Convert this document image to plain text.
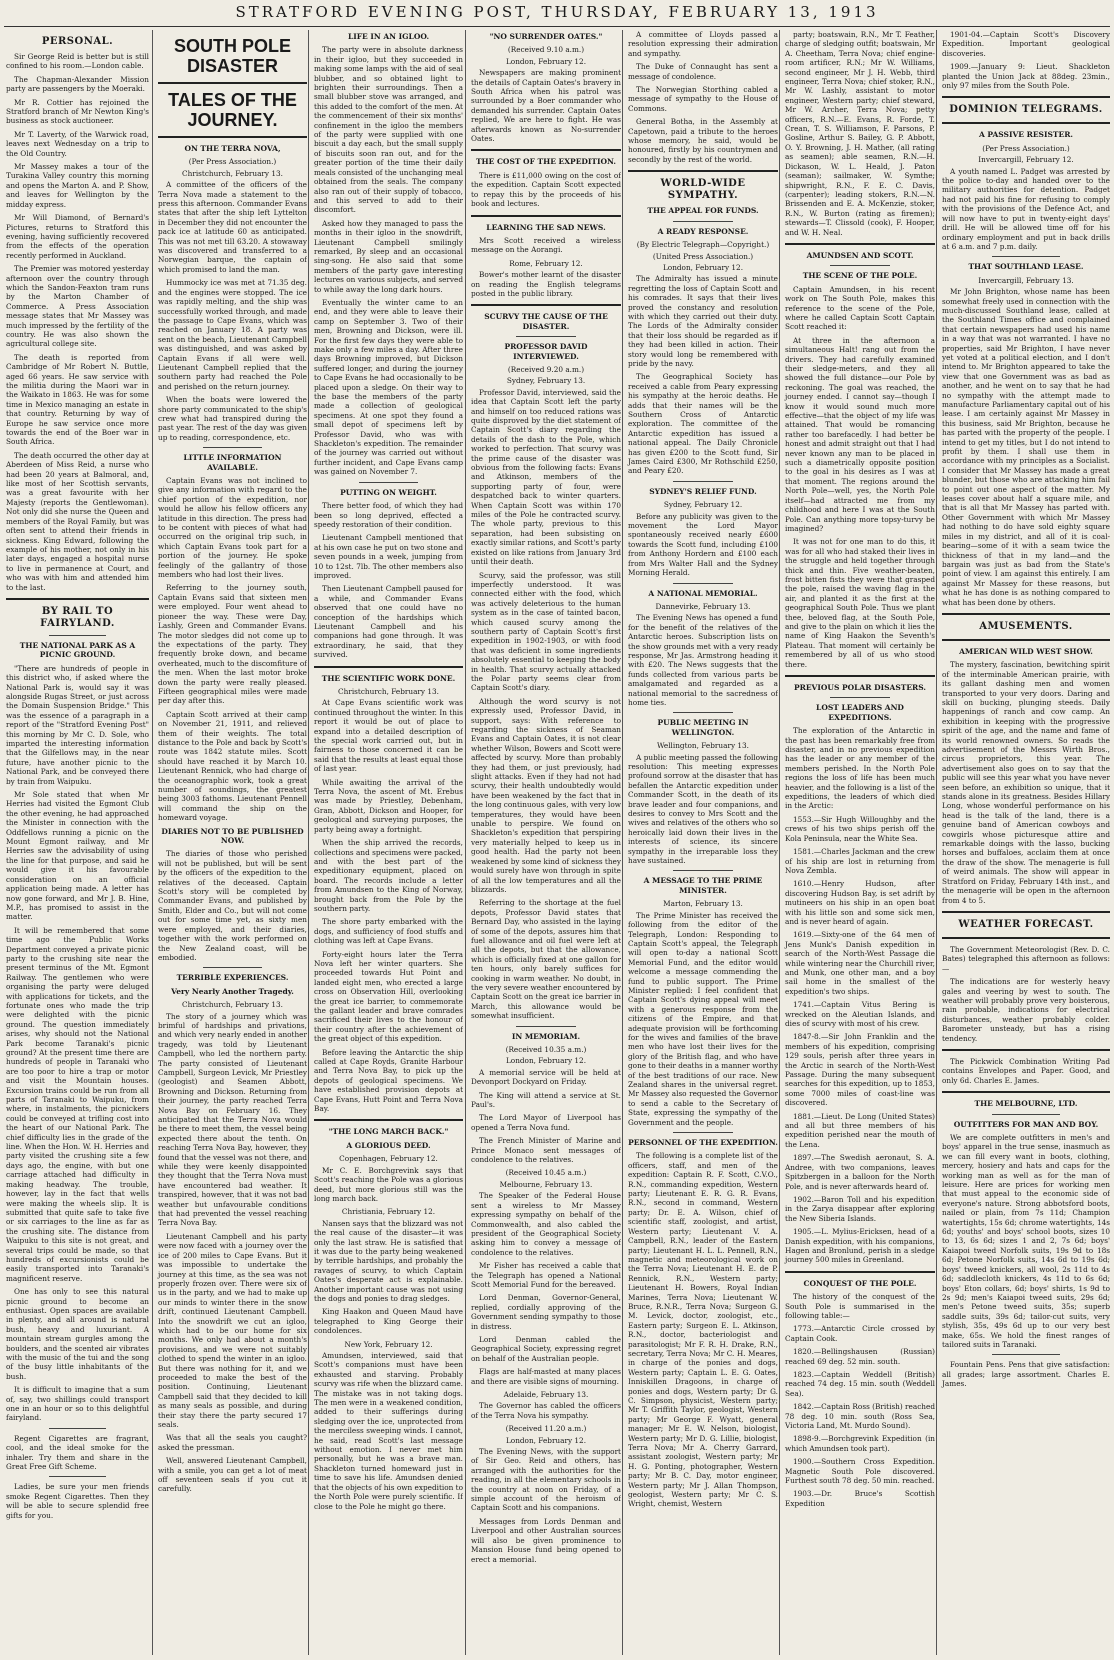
STRATFORD EVENING POST, THURSDAY, FEBRUARY 13, 1913
PERSONAL.
Sir George Reid is better but is still confined to his room.—London cable.
The Chapman-Alexander Mission party are passengers by the Moeraki.
Mr R. Cottier has rejoined the Stratford branch of Mr Newton King's business as stock auctioneer.
Mr T. Laverty, of the Warwick road, leaves next Wednesday on a trip to the Old Country.
Mr Massey makes a tour of the Turakina Valley country this morning and opens the Marton A. and P. Show, and leaves for Wellington by the midday express.
Mr Will Diamond, of Bernard's Pictures, returns to Stratford this evening, having sufficiently recovered from the effects of the operation recently performed in Auckland.
The Premier was motored yesterday afternoon over the country through which the Sandon-Feaxton tram runs by the Marton Chamber of Commerce. A Press Association message states that Mr Massey was much impressed by the fertility of the country. He was also shown the agricultural college site.
The death is reported from Cambridge of Mr Robert N. Buttle, aged 66 years. He saw service with the militia during the Maori war in the Waikato in 1863. He was for some time in Mexico managing an estate in that country. Returning by way of Europe he saw service once more towards the end of the Boer war in South Africa.
The death occurred the other day at Aberdeen of Miss Reid, a nurse who had been 20 years at Balmoral, and, like most of her Scottish servants, was a great favourite with her Majesty (reports the Gentlewoman). Not only did she nurse the Queen and members of the Royal Family, but was often sent to attend their friends in sickness. King Edward, following the example of his mother, not only in his later days, engaged a hospital nurse to live in permanence at Court, and who was with him and attended him to the last.
BY RAIL TO FAIRYLAND.
THE NATIONAL PARK AS A PICNIC GROUND.
"There are hundreds of people in this district who, if asked where the National Park is, would say it was alongside Rugas Street, or just across the Domain Suspension Bridge." This was the essence of a paragraph in a report of the "Stratford Evening Post" this morning by Mr C. D. Sole, who imparted the interesting information that the Gilfellows may, in the near future, have another picnic to the National Park, and be conveyed there by train from Waipuku.
Mr Sole stated that when Mr Herries had visited the Egmont Club the other evening, he had approached the Minister in connection with the Oddfellows running a picnic on the Mount Egmont railway, and Mr Herries saw the advisability of using the line for that purpose, and said he would give it his favourable consideration on an official application being made. A letter has now gone forward, and Mr J. B. Hine, M.P., has promised to assist in the matter.
It will be remembered that some time ago the Public Works Department conveyed a private picnic party to the crushing site near the present terminus of the Mt. Egmont Railway. The gentlemen who were organising the party were deluged with applications for tickets, and the fortunate ones who made the trip were delighted with the picnic ground. The question immediately arises, why should not the National Park become Taranaki's picnic ground? At the present time there are hundreds of people in Taranaki who are too poor to hire a trap or motor and visit the Mountain houses. Excursion trains could be run from all parts of Taranaki to Waipuku, from where, in instalments, the picnickers could be conveyed at trifling cost into the heart of our National Park. The chief difficulty lies in the grade of the line. When the Hon. W. H. Herries and party visited the crushing site a few days ago, the engine, with but one carriage attached had difficulty in making headway. The trouble, however, lay in the fact that wells were making the wheels slip. It is submitted that quite safe to take five or six carriages to the line as far as the crushing site. The distance from Waipuku to this site is not great, and several trips could be made, so that hundreds of excursionists could be easily transported into Taranaki's magnificent reserve.
One has only to see this natural picnic ground to become an enthusiast. Open spaces are available in plenty, and all around is natural bush, heavy and luxuriant. A mountain stream gurgles among the boulders, and the scented air vibrates with the music of the tui and the song of the busy little inhabitants of the bush.
It is difficult to imagine that a sum of, say, two shillings could transport one in an hour or so to this delightful fairyland.
Regent Cigarettes are fragrant, cool, and the ideal smoke for the inhaler. Try them and share in the Great Free Gift Scheme.
Ladies, be sure your men friends smoke Regent Cigarettes. Then they will be able to secure splendid free gifts for you.
SOUTH POLE DISASTER
TALES OF THE JOURNEY.
ON THE TERRA NOVA,
(Per Press Association.)
Christchurch, February 13.
A committee of the officers of the Terra Nova made a statement to the press this afternoon. Commander Evans states that after the ship left Lyttelton in December they did not encounter the pack ice at latitude 60 as anticipated. This was not met till 63.20. A stowaway was discovered and transferred to a Norwegian barque, the captain of which promised to land the man.
Hummocky ice was met at 71.35 deg. and the engines were stopped. The ice was rapidly melting, and the ship was successfully worked through, and made the passage to Cape Evans, which was reached on January 18. A party was sent on the beach, Lieutenant Campbell was distinguished, and was asked by Captain Evans if all were well. Lieutenant Campbell replied that the southern party had reached the Pole and perished on the return journey.
When the boats were lowered the shore party communicated to the ship's crew what had transpired during the past year. The rest of the day was given up to reading, correspondence, etc.
LITTLE INFORMATION AVAILABLE.
Captain Evans was not inclined to give any information with regard to the chief portion of the expedition, nor would he allow his fellow officers any latitude in this direction. The press had to be content with pieces of what had occurred on the original trip such, in which Captain Evans took part for a portion of the journey. He spoke feelingly of the gallantry of those members who had lost their lives.
Referring to the journey south, Captain Evans said that sixteen men were employed. Four went ahead to pioneer the way. These were Day, Lashly, Green and Commander Evans. The motor sledges did not come up to the expectations of the party. They frequently broke down, and became overheated, much to the discomfiture of the men. When the last motor broke down the party were really pleased. Fifteen geographical miles were made per day after this.
Captain Scott arrived at their camp on November 21, 1911, and relieved them of their weights. The total distance to the Pole and back by Scott's route was 1842 statute miles. Scott should have reached it by March 10. Lieutenant Rennick, who had charge of the oceanographic work, took a great number of soundings, the greatest being 3003 fathoms. Lieutenant Pennell will command the ship on the homeward voyage.
DIARIES NOT TO BE PUBLISHED NOW.
The diaries of those who perished will not be published, but will be sent by the officers of the expedition to the relatives of the deceased. Captain Scott's story will be completed by Commander Evans, and published by Smith, Elder and Co., but will not come out for some time yet, as sixty men were employed, and their diaries, together with the work performed on the New Zealand coast, will be embodied.
TERRIBLE EXPERIENCES.
Very Nearly Another Tragedy.
Christchurch, February 13.
The story of a journey which was brimful of hardships and privations, and which very nearly ended in another tragedy, was told by Lieutenant Campbell, who led the northern party. The party consisted of Lieutenant Campbell, Surgeon Levick, Mr Priestley (geologist) and Seamen Abbott, Browning and Dickson. Returning from their journey, the party reached Terra Nova Bay on February 16. They anticipated that the Terra Nova would be there to meet them, the vessel being expected there about the tenth. On reaching Terra Nova Bay, however, they found that the vessel was not there, and while they were keenly disappointed they thought that the Terra Nova must have encountered bad weather. It transpired, however, that it was not bad weather but unfavourable conditions that had prevented the vessel reaching Terra Nova Bay.
Lieutenant Campbell and his party were now faced with a journey over the ice of 200 miles to Cape Evans. But it was impossible to undertake the journey at this time, as the sea was not properly frozen over. There were six of us in the party, and we had to make up our minds to winter there in the snow drift, continued Lieutenant Campbell. Into the snowdrift we cut an igloo, which had to be our home for six months. We only had about a month's provisions, and we were not suitably clothed to spend the winter in an igloo. But there was nothing for it, and we proceeded to make the best of the position. Continuing, Lieutenant Campbell said that they decided to kill as many seals as possible, and during their stay there the party secured 17 seals.
Was that all the seals you caught? asked the pressman.
Well, answered Lieutenant Campbell, with a smile, you can get a lot of meat off seventeen seals if you cut it carefully.
LIFE IN AN IGLOO.
The party were in absolute darkness in their igloo, but they succeeded in making some lamps with the aid of seal blubber, and so obtained light to brighten their surroundings. Then a small blubber stove was arranged, and this added to the comfort of the men. At the commencement of their six months' confinement in the igloo the members of the party were supplied with one biscuit a day each, but the small supply of biscuits soon ran out, and for the greater portion of the time their daily meals consisted of the unchanging meal obtained from the seals. The company also ran out of their supply of tobacco, and this served to add to their discomfort.
Asked how they managed to pass the months in their igloo in the snowdrift, Lieutenant Campbell smilingly remarked, By sleep and an occasional sing-song. He also said that some members of the party gave interesting lectures on various subjects, and served to while away the long dark hours.
Eventually the winter came to an end, and they were able to leave their camp on September 3. Two of their men, Browning and Dickson, were ill. For the first few days they were able to make only a few miles a day. After three days Browning improved, but Dickson suffered longer, and during the journey to Cape Evans he had occasionally to be placed upon a sledge. On their way to the base the members of the party made a collection of geological specimens. At one spot they found a small depot of specimens left by Professor David, who was with Shackleton's expedition. The remainder of the journey was carried out without further incident, and Cape Evans camp was gained on November 7.
PUTTING ON WEIGHT.
There better food, of which they had been so long deprived, effected a speedy restoration of their condition.
Lieutenant Campbell mentioned that at his own case he put on two stone and seven pounds in a week, jumping from 10 to 12st. 7lb. The other members also improved.
Then Lieutenant Campbell paused for a while, and Commander Evans observed that one could have no conception of the hardships which Lieutenant Campbell and his companions had gone through. It was extraordinary, he said, that they survived.
THE SCIENTIFIC WORK DONE.
Christchurch, February 13.
At Cape Evans scientific work was continued throughout the winter. In this report it would be out of place to expand into a detailed description of the special work carried out, but in fairness to those concerned it can be said that the results at least equal those of last year.
While awaiting the arrival of the Terra Nova, the ascent of Mt. Erebus was made by Priestley, Debenham, Gran, Abbott, Dickson and Hooper, for geological and surveying purposes, the party being away a fortnight.
When the ship arrived the records, collections and specimens were packed, and with the best part of the expeditionary equipment, placed on board. The records include a letter from Amundsen to the King of Norway, brought back from the Pole by the southern party.
The shore party embarked with the dogs, and sufficiency of food stuffs and clothing was left at Cape Evans.
Forty-eight hours later the Terra Nova left her winter quarters. She proceeded towards Hut Point and landed eight men, who erected a large cross on Observation Hill, overlooking the great ice barrier, to commemorate the gallant leader and brave comrades sacrificed their lives to the honour of their country after the achievement of the great object of this expedition.
Before leaving the Antarctic the ship called at Cape Royds, Granite Harbour and Terra Nova Bay, to pick up the depots of geological specimens. We have established provision depots at Cape Evans, Hutt Point and Terra Nova Bay.
"THE LONG MARCH BACK."
A GLORIOUS DEED.
Copenhagen, February 12.
Mr C. E. Borchgrevink says that Scott's reaching the Pole was a glorious deed, but more glorious still was the long march back.
Christiania, February 12.
Nansen says that the blizzard was not the real cause of the disaster—it was only the last straw. He is satisfied that it was due to the party being weakened by terrible hardships, and probably the ravages of scurvy, to which Captain Oates's desperate act is explainable. Another important cause was not using the dogs and ponies to drag sledges.
King Haakon and Queen Maud have telegraphed to King George their condolences.
New York, February 12.
Amundsen, interviewed, said that Scott's companions must have been exhausted and starving. Probably scurvy was rife when the blizzard came. The mistake was in not taking dogs. The men were in a weakened condition, added to their sufferings during sledging over the ice, unprotected from the merciless sweeping winds. I cannot, he said, read Scott's last message without emotion. I never met him personally, but he was a brave man. Shackleton turned homeward just in time to save his life. Amundsen denied that the objects of his own expedition to the North Pole were purely scientific. If close to the Pole he might go there.
"NO SURRENDER OATES."
(Received 9.10 a.m.)
London, February 12.
Newspapers are making prominent the details of Captain Oates's bravery in South Africa when his patrol was surrounded by a Boer commander who demanded his surrender. Captain Oates replied, We are here to fight. He was afterwards known as No-surrender Oates.
THE COST OF THE EXPEDITION.
There is £11,000 owing on the cost of the expedition. Captain Scott expected to repay this by the proceeds of his book and lectures.
LEARNING THE SAD NEWS.
Mrs Scott received a wireless message on the Aorangi.
Rome, February 12.
Bower's mother learnt of the disaster on reading the English telegrams posted in the public library.
SCURVY THE CAUSE OF THE DISASTER.
PROFESSOR DAVID INTERVIEWED.
(Received 9.20 a.m.)
Sydney, February 13.
Professor David, interviewed, said the idea that Captain Scott left the party and himself on too reduced rations was quite disproved by the diet statement of Captain Scott's diary regarding the details of the dash to the Pole, which worked to perfection. That scurvy was the prime cause of the disaster was obvious from the following facts: Evans and Atkinson, members of the supporting party of four, were despatched back to winter quarters. When Captain Scott was within 170 miles of the Pole he contracted scurvy. The whole party, previous to this separation, had been subsisting on exactly similar rations, and Scott's party existed on like rations from January 3rd until their death.
Scurvy, said the professor, was still imperfectly understood. It was connected either with the food, which was actively deleterious to the human system as in the case of tainted bacon, which caused scurvy among the southern party of Captain Scott's first expedition in 1902-1903, or with food that was deficient in some ingredients absolutely essential to keeping the body in health. That scurvy actually attacked the Polar party seems clear from Captain Scott's diary.
Although the word scurvy is not expressly used, Professor David, in support, says: With reference to regarding the sickness of Seaman Evans and Captain Oates, it is not clear whether Wilson, Bowers and Scott were affected by scurvy. More than probably they had them, or just previously, had slight attacks. Even if they had not had scurvy, their health undoubtedly would have been weakened by the fact that in the long continuous gales, with very low temperatures, they would have been unable to perspire. We found on Shackleton's expedition that perspiring very materially helped to keep us in good health. Had the party not been weakened by some kind of sickness they would surely have won through in spite of all the low temperatures and all the blizzards.
Referring to the shortage at the fuel depots, Professor David states that Bernard Day, who assisted in the laying of some of the depots, assures him that fuel allowance and oil fuel were left at all the depots, but that the allowance, which is officially fixed at one gallon for ten hours, only barely suffices for cooking in warm weather. No doubt, in the very severe weather encountered by Captain Scott on the great ice barrier in March, this allowance would be somewhat insufficient.
IN MEMORIAM.
(Received 10.35 a.m.)
London, February 12.
A memorial service will be held at Devonport Dockyard on Friday.
The King will attend a service at St. Paul's.
The Lord Mayor of Liverpool has opened a Terra Nova fund.
The French Minister of Marine and Prince Monaco sent messages of condolence to the relatives.
(Received 10.45 a.m.)
Melbourne, February 13.
The Speaker of the Federal House sent a wireless to Mr Massey expressing sympathy on behalf of the Commonwealth, and also cabled the president of the Geographical Society asking him to convey a message of condolence to the relatives.
Mr Fisher has received a cable that the Telegraph has opened a National Scott Memorial Fund for the bereaved.
Lord Denman, Governor-General, replied, cordially approving of the Government sending sympathy to those in distress.
Lord Denman cabled the Geographical Society, expressing regret on behalf of the Australian people.
Flags are half-masted at many places and there are visible signs of mourning.
Adelaide, February 13.
The Governor has cabled the officers of the Terra Nova his sympathy.
(Received 11.20 a.m.)
London, February 12.
The Evening News, with the support of Sir Geo. Reid and others, has arranged with the authorities for the reading, in all the elementary schools in the country at noon on Friday, of a simple account of the heroism of Captain Scott and his companions.
Messages from Lords Denman and Liverpool and other Australian sources will also be given prominence to Mansion House fund being opened to erect a memorial.
A committee of Lloyds passed a resolution expressing their admiration and sympathy.
The Duke of Connaught has sent a message of condolence.
The Norwegian Storthing cabled a message of sympathy to the House of Commons.
General Botha, in the Assembly at Capetown, paid a tribute to the heroes whose memory, he said, would be honoured, firstly by his countrymen and secondly by the rest of the world.
WORLD-WIDE SYMPATHY.
THE APPEAL FOR FUNDS.
A READY RESPONSE.
(By Electric Telegraph—Copyright.)
(United Press Association.)
London, February 12.
The Admiralty has issued a minute regretting the loss of Captain Scott and his comrades. It says that their lives proved the constancy and resolution with which they carried out their duty. The Lords of the Admiralty consider that their loss should be regarded as if they had been killed in action. Their story would long be remembered with pride by the navy.
The Geographical Society has received a cable from Peary expressing his sympathy at the heroic deaths. He adds that their names will be the Southern Cross of Antarctic exploration. The committee of the Antarctic expedition has issued a national appeal. The Daily Chronicle has given £200 to the Scott fund, Sir James Caird £300, Mr Rothschild £250, and Peary £20.
SYDNEY'S RELIEF FUND.
Sydney, February 12.
Before any publicity was given to the movement the Lord Mayor spontaneously received nearly £600 towards the Scott fund, including £100 from Anthony Hordern and £100 each from Mrs Walter Hall and the Sydney Morning Herald.
A NATIONAL MEMORIAL.
Dannevirke, February 13.
The Evening News has opened a fund for the benefit of the relatives of the Antarctic heroes. Subscription lists on the show grounds met with a very ready response, Mr Jas. Armstrong heading it with £20. The News suggests that the funds collected from various parts be amalgamated and regarded as a national memorial to the sacredness of home ties.
PUBLIC MEETING IN WELLINGTON.
Wellington, February 13.
A public meeting passed the following resolution: This meeting expresses profound sorrow at the disaster that has befallen the Antarctic expedition under Commander Scott, in the death of its brave leader and four companions, and desires to convey to Mrs Scott and the wives and relatives of the others who so heroically laid down their lives in the interests of science, its sincere sympathy in the irreparable loss they have sustained.
A MESSAGE TO THE PRIME MINISTER.
Marton, February 13.
The Prime Minister has received the following from the editor of the Telegraph, London: Responding to Captain Scott's appeal, the Telegraph will open to-day a national Scott Memorial Fund, and the editor would welcome a message commending the fund to public support. The Prime Minister replied: I feel confident that Captain Scott's dying appeal will meet with a generous response from the citizens of the Empire, and that adequate provision will be forthcoming for the wives and families of the brave men who have lost their lives for the glory of the British flag, and who have gone to their deaths in a manner worthy of the best traditions of our race. New Zealand shares in the universal regret. Mr Massey also requested the Governor to send a cable to the Secretary of State, expressing the sympathy of the Government and the people.
PERSONNEL OF THE EXPEDITION.
The following is a complete list of the officers, staff, and men of the expedition: Captain R. F. Scott, C.V.O., R.N., commanding expedition, Western party; Lieutenant E. R. G. R. Evans, R.N., second in command, Western party; Dr. E. A. Wilson, chief of scientific staff, zoologist, and artist, Western party; Lieutenant V. A. Campbell, R.N., leader of the Eastern party; Lieutenant H. L. L. Pennell, R.N., magnetic and meteorological work on the Terra Nova; Lieutenant H. E. de P. Rennick, R.N., Western party; Lieutenant H. Bowers, Royal Indian Marines, Terra Nova; Lieutenant W. Bruce, R.N.R., Terra Nova; Surgeon G. M. Levick, doctor, zoologist, etc., Eastern party; Surgeon E. L. Atkinson, R.N., doctor, bacteriologist and parasitologist; Mr F. R. H. Drake, R.N., secretary, Terra Nova; Mr C. H. Meares, in charge of the ponies and dogs, Western party; Captain L. E. G. Oates, Inniskillen Dragoons, in charge of ponies and dogs, Western party; Dr G. C. Simpson, physicist, Western party; Mr T. Griffith Taylor, geologist, Western party; Mr George F. Wyatt, general manager; Mr E. W. Nelson, biologist, Western party; Mr D. G. Lillie, biologist, Terra Nova; Mr A. Cherry Garrard, assistant zoologist, Western party; Mr H. G. Ponting, photographer, Western party; Mr B. C. Day, motor engineer, Western party; Mr J. Allan Thompson, geologist, Western party; Mr C. S. Wright, chemist, Western
party; boatswain, R.N., Mr T. Feather, charge of sledging outfit; boatswain, Mr A. Cheetham, Terra Nova; chief engine-room artificer, R.N.; Mr W. Williams, second engineer, Mr J. H. Webb, third engineer, Terra Nova; chief stoker, R.N., Mr W. Lashly, assistant to motor engineer, Western party; chief steward, Mr W. Archer, Terra Nova; petty officers, R.N.—E. Evans, R. Forde, T. Crean, T. S. Williamson, F. Parsons, P. Gosline, Arthur S. Bailey, G. P. Abbott, O. Y. Browning, J. H. Mather, (all rating as seamen); able seamen, R.N.—H. Dickason, W. L. Heald, J. Paton (seaman); sailmaker, W. Symthe; shipwright, R.N., F. E. C. Davis, (carpenter); leading stokers, R.N.—N. Brissenden and E. A. McKenzie, stoker, R.N., W. Burton (rating as firemen); stewards—T. Clissold (cook), F. Hooper, and W. H. Neal.
AMUNDSEN AND SCOTT.
THE SCENE OF THE POLE.
Captain Amundsen, in his recent work on The South Pole, makes this reference to the scene of the Pole, where he called Captain Scott Captain Scott reached it:
At three in the afternoon a simultaneous Halt! rang out from the drivers. They had carefully examined their sledge-meters, and they all showed the full distance—our Pole by reckoning. The goal was reached, the journey ended. I cannot say—though I know it would sound much more effective—that the object of my life was attained. That would be romancing rather too barefacedly. I had better be honest and admit straight out that I had never known any man to be placed in such a diametrically opposite position to the goal in his desires as I was at that moment. The regions around the North Pole—well, yes, the North Pole itself—had attracted me from my childhood and here I was at the South Pole. Can anything more topsy-turvy be imagined?
It was not for one man to do this, it was for all who had staked their lives in the struggle and held together through thick and thin. Five weather-beaten, frost bitten fists they were that grasped the pole, raised the waving flag in the air, and planted it as the first at the geographical South Pole. Thus we plant thee, beloved flag, at the South Pole, and give to the plain on which it lies the name of King Haakon the Seventh's Plateau. That moment will certainly be remembered by all of us who stood there.
PREVIOUS POLAR DISASTERS.
LOST LEADERS AND EXPEDITIONS.
The exploration of the Antarctic in the past has been remarkably free from disaster, and in no previous expedition has the leader or any member of the members perished. In the North Pole regions the loss of life has been much heavier, and the following is a list of the expeditions, the leaders of which died in the Arctic:
1553.—Sir Hugh Willoughby and the crews of his two ships perish off the Kola Peninsula, near the White Sea.
1581.—Charles Jackman and the crew of his ship are lost in returning from Nova Zembla.
1610.—Henry Hudson, after discovering Hudson Bay, is set adrift by mutineers on his ship in an open boat with his little son and some sick men, and is never heard of again.
1619.—Sixty-one of the 64 men of Jens Munk's Danish expedition in search of the North-West Passage die while wintering near the Churchill river, and Munk, one other man, and a boy sail home in the smallest of the expedition's two ships.
1741.—Captain Vitus Bering is wrecked on the Aleutian Islands, and dies of scurvy with most of his crew.
1847-8.—Sir John Franklin and the members of his expedition, comprising 129 souls, perish after three years in the Arctic in search of the North-West Passage. During the many subsequent searches for this expedition, up to 1853, some 7000 miles of coast-line was discovered.
1881.—Lieut. De Long (United States) and all but three members of his expedition perished near the mouth of the Lena.
1897.—The Swedish aeronaut, S. A. Andree, with two companions, leaves Spitzbergen in a balloon for the North Pole, and is never afterwards heard of.
1902.—Baron Toll and his expedition in the Zarya disappear after exploring the New Siberia Islands.
1905.—L. Mylius-Ericksen, head of a Danish expedition, with his companions, Hagen and Bronlund, perish in a sledge journey 500 miles in Greenland.
CONQUEST OF THE POLE.
The history of the conquest of the South Pole is summarised in the following table:—
1773.—Antarctic Circle crossed by Captain Cook.
1820.—Bellingshausen (Russian) reached 69 deg. 52 min. south.
1823.—Captain Weddell (British) reached 74 deg. 15 min. south (Weddell Sea).
1842.—Captain Ross (British) reached 78 deg. 10 min. south (Ross Sea, Victoria Land, Mt. Murdo Sound).
1898-9.—Borchgrevink Expedition (in which Amundsen took part).
1900.—Southern Cross Expedition. Magnetic South Pole discovered. Furthest south 78 deg. 50 min. reached.
1903.—Dr. Bruce's Scottish Expedition
1901-04.—Captain Scott's Discovery Expedition. Important geological discoveries.
1909.—January 9: Lieut. Shackleton planted the Union Jack at 88deg. 23min., only 97 miles from the South Pole.
DOMINION TELEGRAMS.
A PASSIVE RESISTER.
(Per Press Association.)
Invercargill, February 12.
A youth named L. Padget was arrested by the police to-day and handed over to the military authorities for detention. Padget had not paid his fine for refusing to comply with the provisions of the Defence Act, and will now have to put in twenty-eight days' drill. He will be allowed time off for his ordinary employment and put in back drills at 6 a.m. and 7 p.m. daily.
THAT SOUTHLAND LEASE.
Invercargill, February 13.
Mr John Brighton, whose name has been somewhat freely used in connection with the much-discussed Southland lease, called at the Southland Times office and complained that certain newspapers had used his name in a way that was not warranted. I have no properties, said Mr Brighton, I have never yet voted at a political election, and I don't intend to. Mr Brighton appeared to take the view that one Government was as bad as another, and he went on to say that he had no sympathy with the attempt made to manufacture Parliamentary capital out of his lease. I am certainly against Mr Massey in this business, said Mr Brighton, because he has parted with the property of the people. I intend to get my titles, but I do not intend to profit by them. I shall use them in accordance with my principles as a Socialist. I consider that Mr Massey has made a great blunder, but those who are attacking him fail to point out one aspect of the matter. My leases cover about half a square mile, and that is all that Mr Massey has parted with. Other Government with which Mr Massey had nothing to do have sold eighty square miles in my district, and all of it is coal-bearing—some of it with a seam twice the thickness of that in my land—and the bargain was just as bad from the State's point of view. I am against this entirely. I am against Mr Massey for these reasons, but what he has done is as nothing compared to what has been done by others.
AMUSEMENTS.
AMERICAN WILD WEST SHOW.
The mystery, fascination, bewitching spirit of the interminable American prairie, with its gallant dashing men and women transported to your very doors. Daring and skill on bucking, plunging steeds. Daily happenings of ranch and cow camp. An exhibition in keeping with the progressive spirit of the age, and the name and fame of its world renowned owners. So reads the advertisement of the Messrs Wirth Bros., circus proprietors, this year. The advertisement also goes on to say that the public will see this year what you have never seen before, an exhibition so unique, that it stands alone in its greatness. Besides Hillary Long, whose wonderful performance on his head is the talk of the land, there is a genuine band of American cowboys and cowgirls whose picturesque attire and remarkable doings with the lasso, bucking horses and buffaloes, acclaim them at once the draw of the show. The menagerie is full of weird animals. The show will appear in Stratford on Friday, February 14th inst., and the menagerie will be open in the afternoon from 4 to 5.
WEATHER FORECAST.
The Government Meteorologist (Rev. D. C. Bates) telegraphed this afternoon as follows:—
The indications are for westerly heavy gales and veering by west to south. The weather will probably prove very boisterous, rain probable, indications for electrical disturbances, weather probably colder. Barometer unsteady, but has a rising tendency.
The Pickwick Combination Writing Pad contains Envelopes and Paper. Good, and only 6d. Charles E. James.
THE MELBOURNE, LTD.
OUTFITTERS FOR MAN AND BOY.
We are complete outfitters in men's and boys' apparel in the true sense, inasmuch as we can fill every want in boots, clothing, mercery, hosiery and hats and caps for the working man as well as for the man of leisure. Here are prices for working men that must appeal to the economic side of everyone's nature. Strong abbotsford boots, nailed or plain, from 7s 11d; Champion watertights, 15s 6d; chrome watertights, 14s 6d; youths' and boys' school boots, sizes 10 to 13, 6s 6d; sizes 1 and 2, 7s 6d; boys' Kaiapoi tweed Norfolk suits, 19s 9d to 18s 6d; Petone Norfolk suits, 14s 6d to 19s 6d; boys' tweed knickers, all wool, 2s 11d to 4s 6d; saddlecloth knickers, 4s 11d to 6s 6d; boys' Eton collars, 6d; boys' shirts, 1s 9d to 2s 9d; men's Kaiapoi tweed suits, 29s 6d; men's Petone tweed suits, 35s; superb saddle suits, 39s 6d; tailor-cut suits, very stylish, 35s, 49s 6d up to our very best make, 65s. We hold the finest ranges of tailored suits in Taranaki.
Fountain Pens. Pens that give satisfaction: all grades; large assortment. Charles E. James.
